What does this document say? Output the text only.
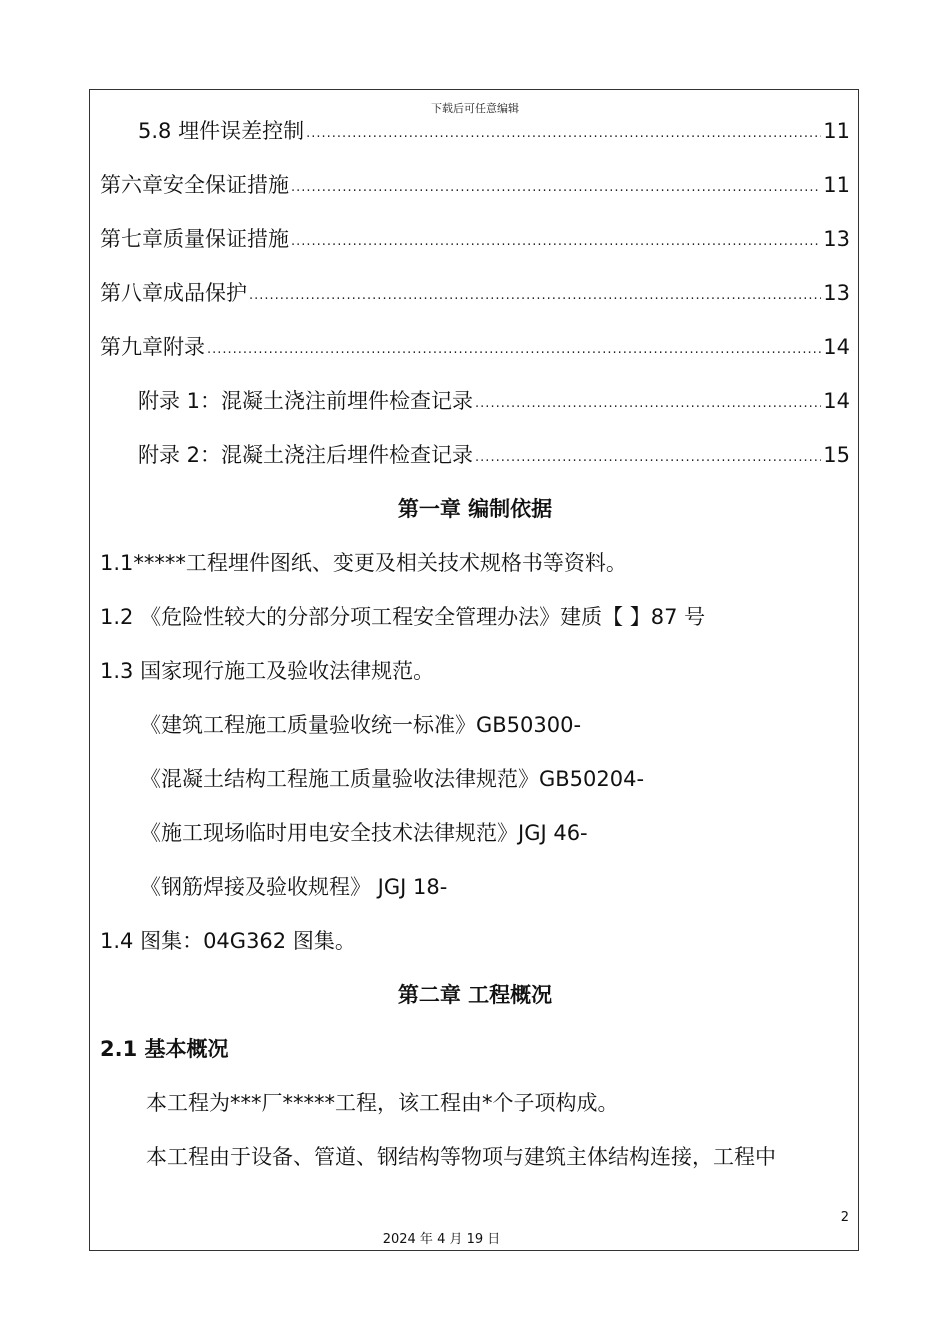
下载后可任意编辑
5.8 埋件误差控制 .....	11
第六章安全保证措施 .....	11
第七章质量保证措施 .....	13
第八章成品保护 .....	13
第九章附录 .....	14
附录 1：混凝土浇注前埋件检查记录 .....	14
附录 2：混凝土浇注后埋件检查记录 .....	15
第一章 编制依据
1.1*****工程埋件图纸、变更及相关技术规格书等资料。
1.2 《危险性较大的分部分项工程安全管理办法》建质【 】87 号
1.3 国家现行施工及验收法律规范。
《建筑工程施工质量验收统一标准》GB50300-
《混凝土结构工程施工质量验收法律规范》GB50204-
《施工现场临时用电安全技术法律规范》JGJ 46-
《钢筋焊接及验收规程》 JGJ 18-
1.4 图集：04G362 图集。
第二章 工程概况
2.1 基本概况
本工程为***厂*****工程，该工程由*个子项构成。
本工程由于设备、管道、钢结构等物项与建筑主体结构连接，工程中
2
2024 年 4 月 19 日
